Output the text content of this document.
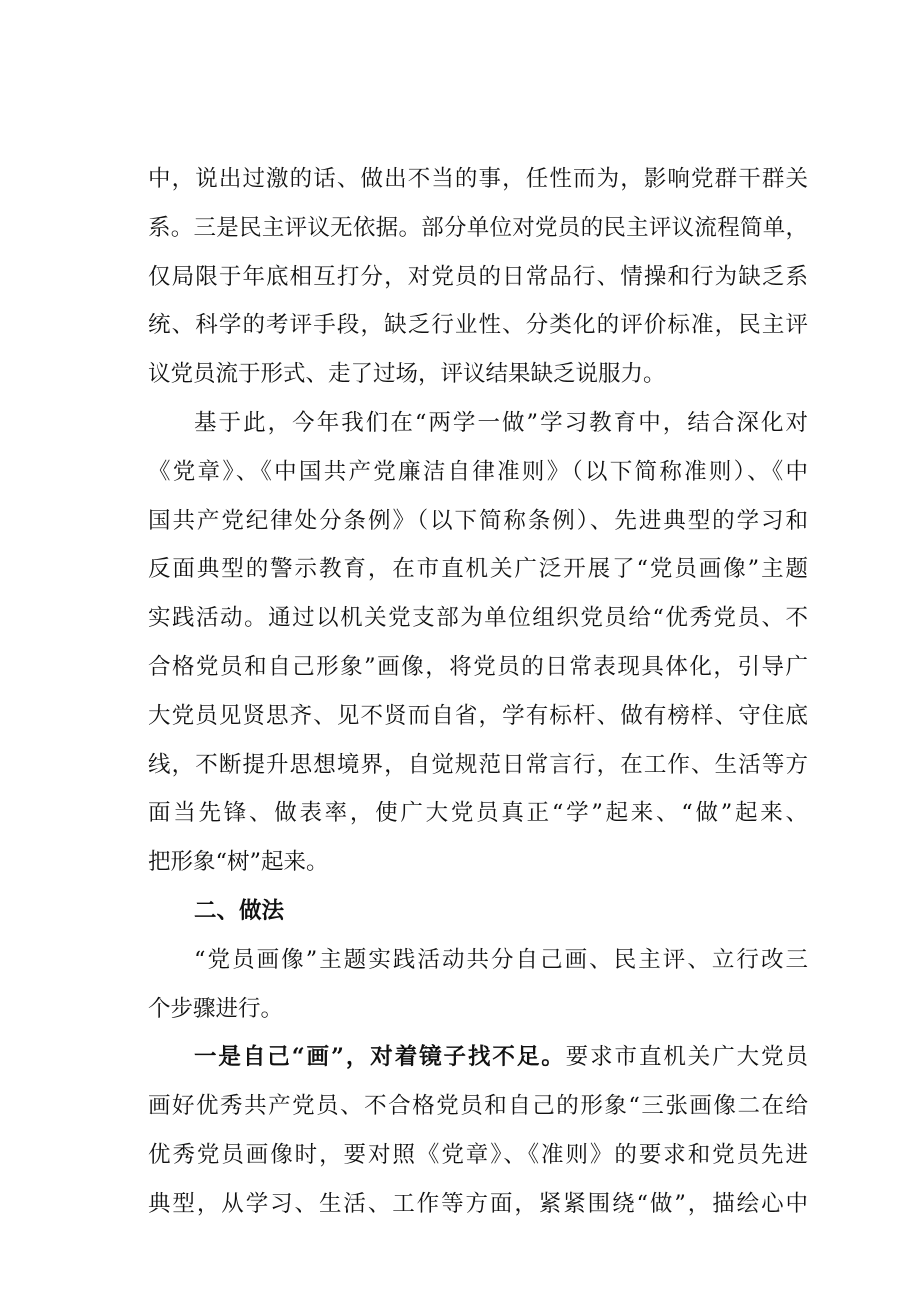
中，说出过激的话、做出不当的事，任性而为，影响党群干群关
系。三是民主评议无依据。部分单位对党员的民主评议流程简单，
仅局限于年底相互打分，对党员的日常品行、情操和行为缺乏系
统、科学的考评手段，缺乏行业性、分类化的评价标准，民主评
议党员流于形式、走了过场，评议结果缺乏说服力。
基于此，今年我们在“两学一做”学习教育中，结合深化对
《党章》、《中国共产党廉洁自律准则》（以下简称准则）、《中
国共产党纪律处分条例》（以下简称条例）、先进典型的学习和
反面典型的警示教育，在市直机关广泛开展了“党员画像”主题
实践活动。通过以机关党支部为单位组织党员给“优秀党员、不
合格党员和自己形象”画像，将党员的日常表现具体化，引导广
大党员见贤思齐、见不贤而自省，学有标杆、做有榜样、守住底
线，不断提升思想境界，自觉规范日常言行，在工作、生活等方
面当先锋、做表率，使广大党员真正“学”起来、“做”起来、
把形象“树”起来。
二、做法
“党员画像”主题实践活动共分自己画、民主评、立行改三
个步骤进行。
一是自己“画”，对着镜子找不足。要求市直机关广大党员
画好优秀共产党员、不合格党员和自己的形象“三张画像二在给
优秀党员画像时，要对照《党章》、《准则》的要求和党员先进
典型，从学习、生活、工作等方面，紧紧围绕“做”，描绘心中
